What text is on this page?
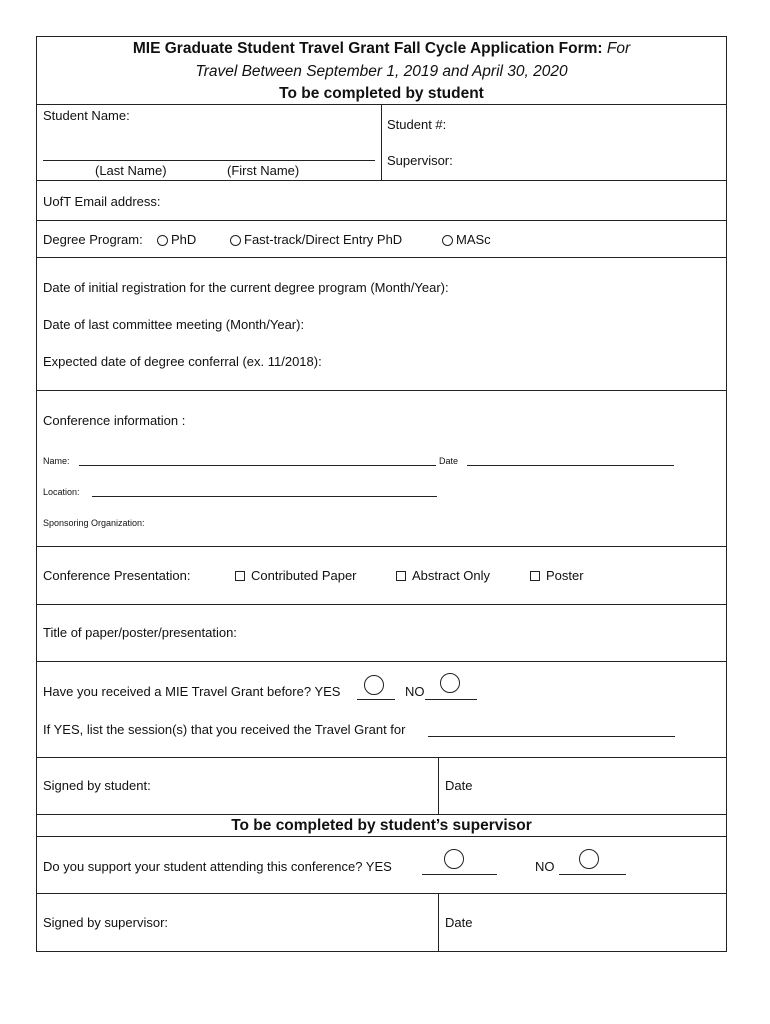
MIE Graduate Student Travel Grant Fall Cycle Application Form: For
Travel Between September 1, 2019 and April 30, 2020
To be completed by student
Student Name:
(Last Name)	(First Name)
Student #:
Supervisor:
UofT Email address:
Degree Program:	PhD	Fast-track/Direct Entry PhD	MASc
Date of initial registration for the current degree program (Month/Year):
Date of last committee meeting (Month/Year):
Expected date of degree conferral (ex. 11/2018):
Conference information :
Name:	Date
Location:
Sponsoring Organization:
Conference Presentation:	Contributed Paper	Abstract Only	Poster
Title of paper/poster/presentation:
Have you received a MIE Travel Grant before? YES	NO
If YES, list the session(s) that you received the Travel Grant for
Signed by student:	Date
To be completed by student’s supervisor
Do you support your student attending this conference? YES	NO
Signed by supervisor:	Date
